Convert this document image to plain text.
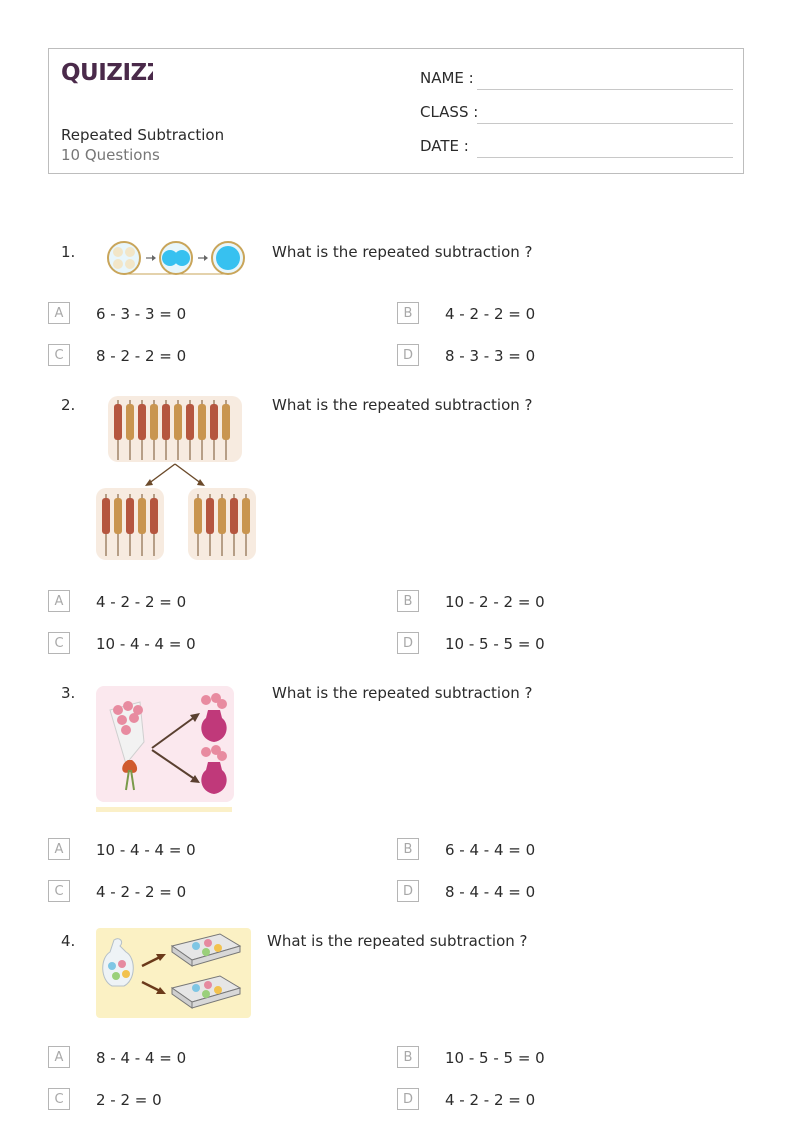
QUIZIZZ
Repeated Subtraction
10 Questions
NAME :
CLASS :
DATE :
1.	What is the repeated subtraction ?
A	6 - 3 - 3 = 0	B	4 - 2 - 2 = 0
C	8 - 2 - 2 = 0	D	8 - 3 - 3 = 0
2.	What is the repeated subtraction ?
A	4 - 2 - 2 = 0	B	10 - 2 - 2 = 0
C	10 - 4 - 4 = 0	D	10 - 5 - 5 = 0
3.	What is the repeated subtraction ?
A	10 - 4 - 4 = 0	B	6 - 4 - 4 = 0
C	4 - 2 - 2 = 0	D	8 - 4 - 4 = 0
4.	What is the repeated subtraction ?
A	8 - 4 - 4 = 0	B	10 - 5 - 5 = 0
C	2 - 2 = 0	D	4 - 2 - 2 = 0
